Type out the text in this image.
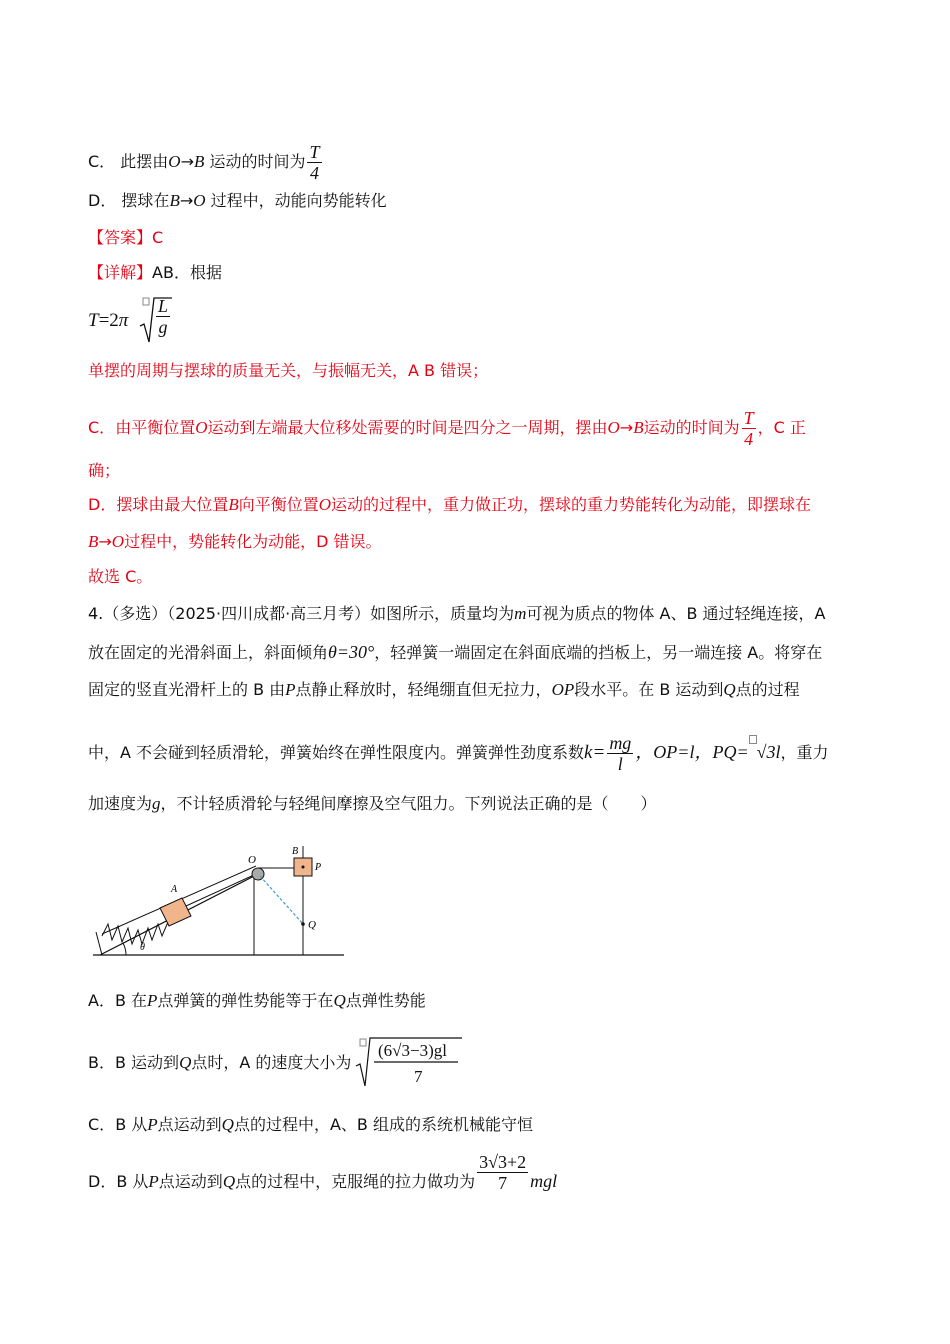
C． 此摆由O→B 运动的时间为 $\frac{T}{4}$
D． 摆球在B→O 过程中，动能向势能转化
【答案】C
【详解】AB．根据
$T=2\pi \frac{L}{g}$
单摆的周期与摆球的质量无关，与振幅无关，A B 错误；
C．由平衡位置O运动到左端最大位移处需要的时间是四分之一周期，摆由O→B运动的时间为 $\frac{T}{4}$ ，C 正
确；
D．摆球由最大位置B向平衡位置O运动的过程中，重力做正功，摆球的重力势能转化为动能，即摆球在
B→O过程中，势能转化为动能，D 错误。
故选 C。
4.（多选）（2025·四川成都·高三月考）如图所示，质量均为m可视为质点的物体 A、B 通过轻绳连接，A
放在固定的光滑斜面上，斜面倾角θ=30°，轻弹簧一端固定在斜面底端的挡板上，另一端连接 A。将穿在
固定的竖直光滑杆上的 B 由P点静止释放时，轻绳绷直但无拉力，OP段水平。在 B 运动到Q点的过程
中，A 不会碰到轻质滑轮，弹簧始终在弹性限度内。弹簧弹性劲度系数$k= \frac{mg}{l}$ ，OP=l，PQ= √3l，重力
加速度为g，不计轻质滑轮与轻绳间摩擦及空气阻力。下列说法正确的是（　　）
O
B
P
A
Q
θ
A．B 在P点弹簧的弹性势能等于在Q点弹性势能
B．B 运动到Q点时，A 的速度大小为
(6√3−3)gl
7
C．B 从P点运动到Q点的过程中，A、B 组成的系统机械能守恒
D．B 从P点运动到Q点的过程中，克服绳的拉力做功为 $\frac{3√3+2}{7}$ mgl
